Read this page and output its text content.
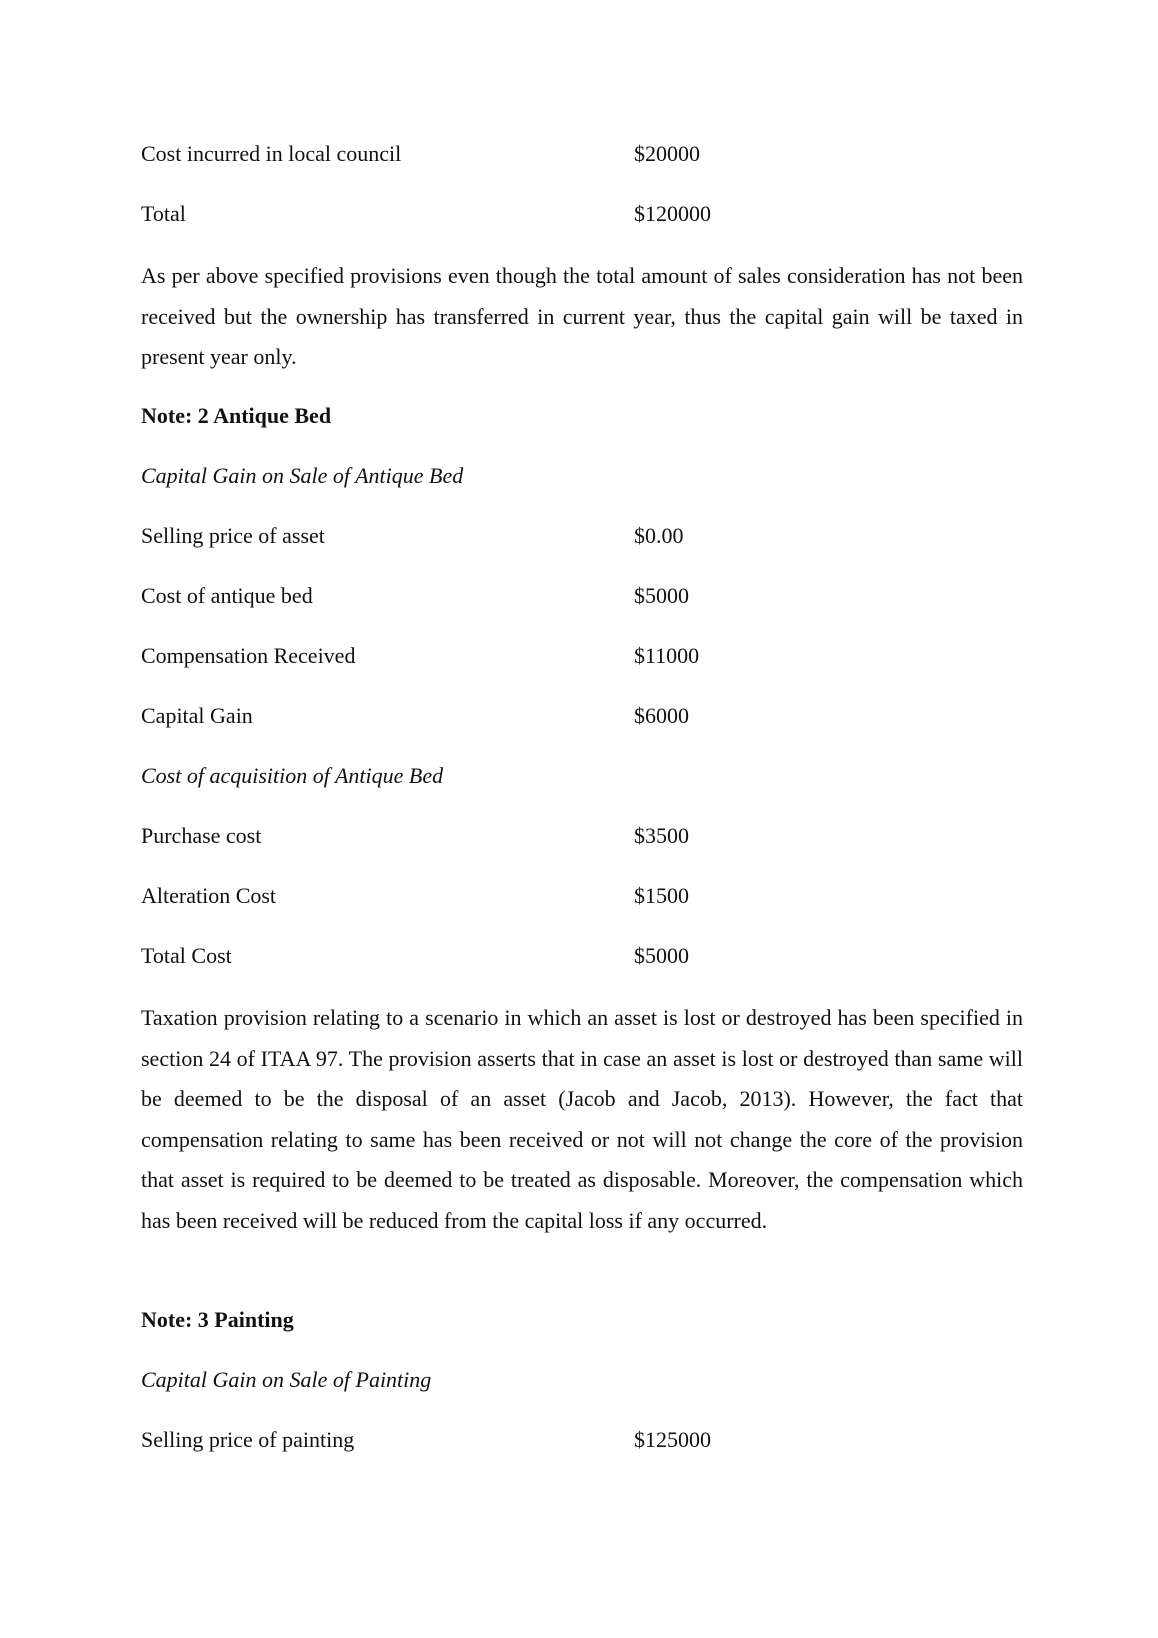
Cost incurred in local council	$20000
Total	$120000
As per above specified provisions even though the total amount of sales consideration has not been received but the ownership has transferred in current year, thus the capital gain will be taxed in present year only.
Note: 2 Antique Bed
Capital Gain on Sale of Antique Bed
Selling price of asset	$0.00
Cost of antique bed	$5000
Compensation Received	$11000
Capital Gain	$6000
Cost of acquisition of Antique Bed
Purchase cost	$3500
Alteration Cost	$1500
Total Cost	$5000
Taxation provision relating to a scenario in which an asset is lost or destroyed has been specified in section 24 of ITAA 97. The provision asserts that in case an asset is lost or destroyed than same will be deemed to be the disposal of an asset (Jacob and Jacob, 2013). However, the fact that compensation relating to same has been received or not will not change the core of the provision that asset is required to be deemed to be treated as disposable. Moreover, the compensation which has been received will be reduced from the capital loss if any occurred.
Note: 3 Painting
Capital Gain on Sale of Painting
Selling price of painting	$125000
